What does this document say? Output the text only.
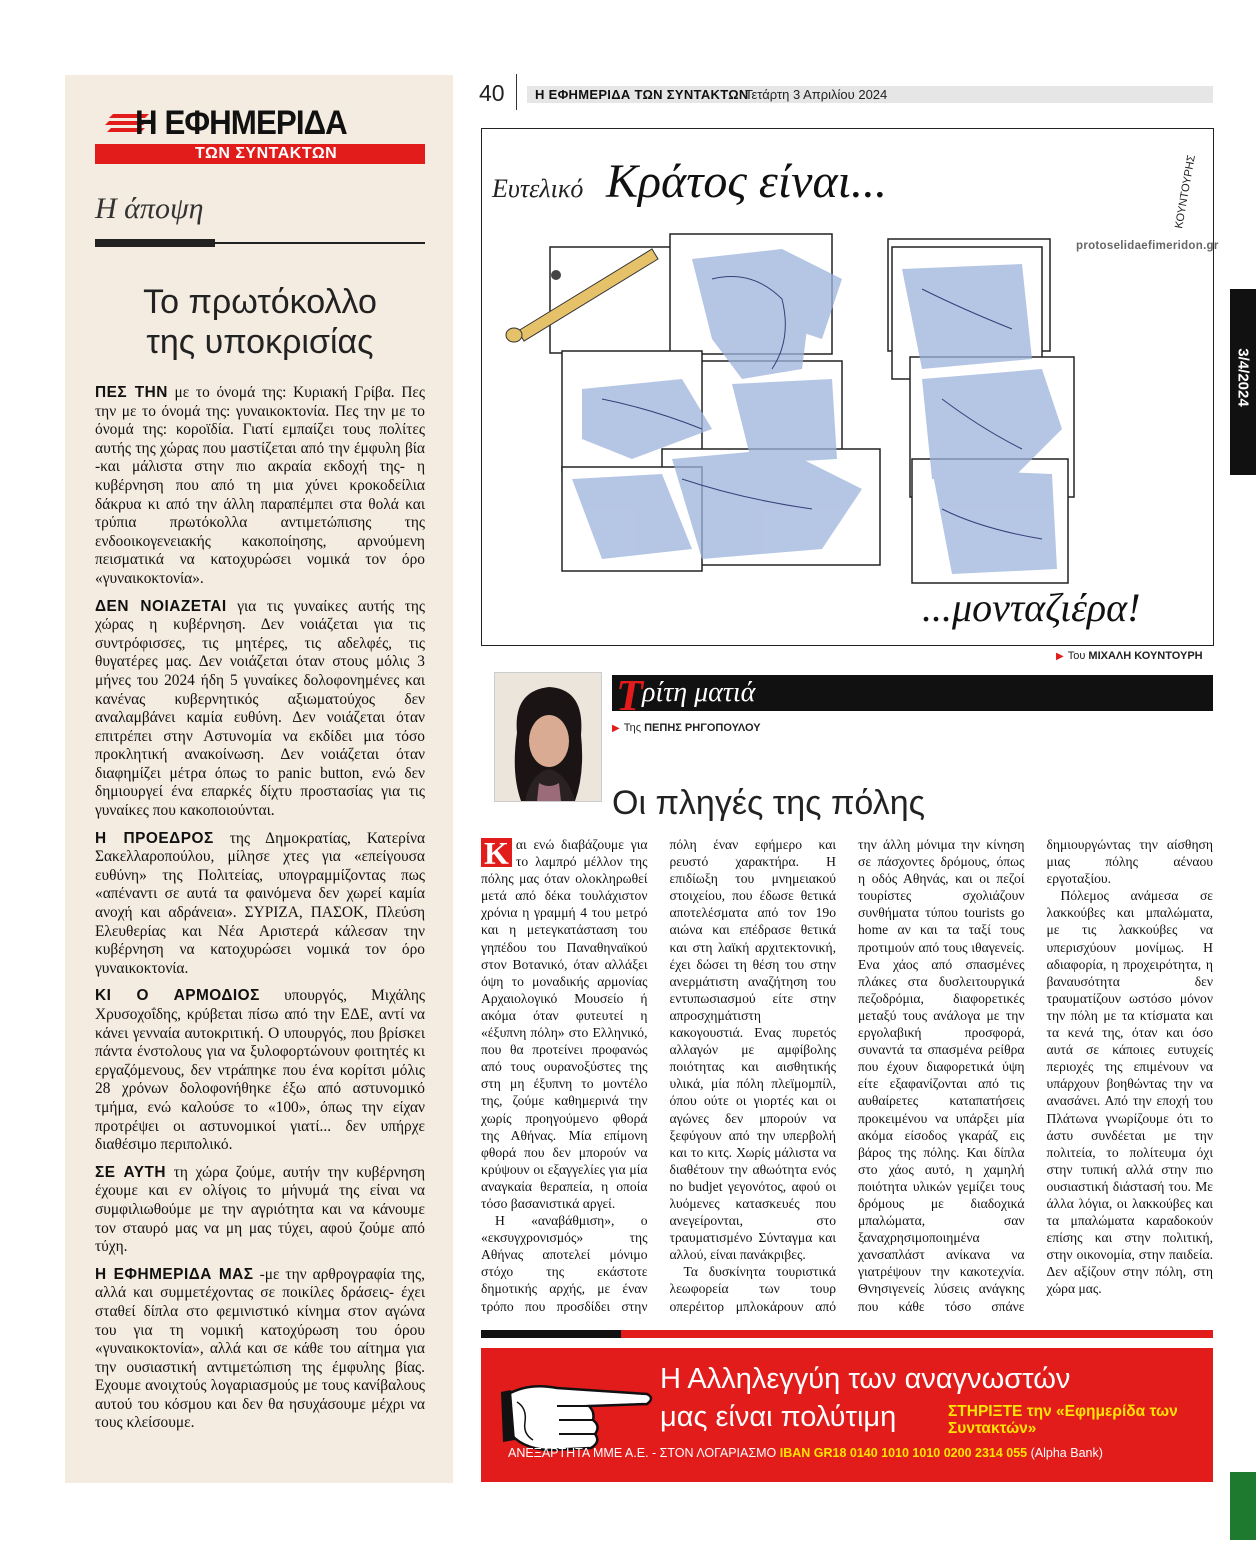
Η ΕΦΗΜΕΡΙΔΑ
ΤΩΝ ΣΥΝΤΑΚΤΩΝ
Η άποψη
Το πρωτόκολλο
της υποκρισίας

ΠΕΣ ΤΗΝ με το όνομά της: Κυριακή Γρίβα. Πες την με το όνομά της: γυναικοκτονία. Πες την με το όνομά της: κοροϊδία. Γιατί εμπαίζει τους πολίτες αυτής της χώρας που μαστίζεται από την έμφυλη βία -και μάλιστα στην πιο ακραία εκδοχή της- η κυβέρνηση που από τη μια χύνει κροκοδείλια δάκρυα κι από την άλλη παραπέμπει στα θολά και τρύπια πρωτόκολλα αντιμετώπισης της ενδοοικογενειακής κακοποίησης, αρνούμενη πεισματικά να κατοχυρώσει νομικά τον όρο «γυναικοκτονία».

ΔΕΝ ΝΟΙΑΖΕΤΑΙ για τις γυναίκες αυτής της χώρας η κυβέρνηση. Δεν νοιάζεται για τις συντρόφισσες, τις μητέρες, τις αδελφές, τις θυγατέρες μας. Δεν νοιάζεται όταν στους μόλις 3 μήνες του 2024 ήδη 5 γυναίκες δολοφονημένες και κανένας κυβερνητικός αξιωματούχος δεν αναλαμβάνει καμία ευθύνη. Δεν νοιάζεται όταν επιτρέπει στην Αστυνομία να εκδίδει μια τόσο προκλητική ανακοίνωση. Δεν νοιάζεται όταν διαφημίζει μέτρα όπως το panic button, ενώ δεν δημιουργεί ένα επαρκές δίχτυ προστασίας για τις γυναίκες που κακοποιούνται.

Η ΠΡΟΕΔΡΟΣ της Δημοκρατίας, Κατερίνα Σακελλαροπούλου, μίλησε χτες για «επείγουσα ευθύνη» της Πολιτείας, υπογραμμίζοντας πως «απέναντι σε αυτά τα φαινόμενα δεν χωρεί καμία ανοχή και αδράνεια». ΣΥΡΙΖΑ, ΠΑΣΟΚ, Πλεύση Ελευθερίας και Νέα Αριστερά κάλεσαν την κυβέρνηση να κατοχυρώσει νομικά τον όρο γυναικοκτονία.

ΚΙ Ο ΑΡΜΟΔΙΟΣ υπουργός, Μιχάλης Χρυσοχοΐδης, κρύβεται πίσω από την ΕΔΕ, αντί να κάνει γενναία αυτοκριτική. Ο υπουργός, που βρίσκει πάντα ένστολους για να ξυλοφορτώνουν φοιτητές κι εργαζόμενους, δεν ντράπηκε που ένα κορίτσι μόλις 28 χρόνων δολοφονήθηκε έξω από αστυνομικό τμήμα, ενώ καλούσε το «100», όπως την είχαν προτρέψει οι αστυνομικοί γιατί... δεν υπήρχε διαθέσιμο περιπολικό.

ΣΕ ΑΥΤΗ τη χώρα ζούμε, αυτήν την κυβέρνηση έχουμε και εν ολίγοις το μήνυμά της είναι να συμφιλιωθούμε με την αγριότητα και να κάνουμε τον σταυρό μας να μη μας τύχει, αφού ζούμε από τύχη.

Η ΕΦΗΜΕΡΙΔΑ ΜΑΣ -με την αρθρογραφία της, αλλά και συμμετέχοντας σε ποικίλες δράσεις- έχει σταθεί δίπλα στο φεμινιστικό κίνημα στον αγώνα του για τη νομική κατοχύρωση του όρου «γυναικοκτονία», αλλά και σε κάθε του αίτημα για την ουσιαστική αντιμετώπιση της έμφυλης βίας. Εχουμε ανοιχτούς λογαριασμούς με τους κανίβαλους αυτού του κόσμου και δεν θα ησυχάσουμε μέχρι να τους κλείσουμε.

40 Η ΕΦΗΜΕΡΙΔΑ ΤΩΝ ΣΥΝΤΑΚΤΩΝ
Τετάρτη 3 Απριλίου 2024
Ευτελικό Κράτος είναι...
...μονταζιέρα!
ΚΟΥΝΤΟΥΡΗΣ
protoselidaefimeridon.gr
▶ Του ΜΙΧΑΛΗ ΚΟΥΝΤΟΥΡΗ
3/4/2024
Τ ρίτη ματιά
▶ Της ΠΕΠΗΣ ΡΗΓΟΠΟΥΛΟΥ
Οι πληγές της πόλης

Κ αι ενώ διαβάζουμε για το λαμπρό μέλλον της πόλης μας όταν ολοκληρωθεί μετά από δέκα τουλάχιστον χρόνια η γραμμή 4 του μετρό και η μετεγκατάσταση του γηπέδου του Παναθηναϊκού στον Βοτανικό, όταν αλλάξει όψη το μοναδικής αρμονίας Αρχαιολογικό Μουσείο ή ακόμα όταν φυτευτεί η «έξυπνη πόλη» στο Ελληνικό, που θα προτείνει προφανώς από τους ουρανοξύστες της στη μη έξυπνη το μοντέλο της, ζούμε καθημερινά την χωρίς προηγούμενο φθορά της Αθήνας. Μία επίμονη φθορά που δεν μπορούν να κρύψουν οι εξαγγελίες για μία αναγκαία θεραπεία, η οποία τόσο βασανιστικά αργεί.

Η «αναβάθμιση», ο «εκσυγχρονισμός» της Αθήνας αποτελεί μόνιμο στόχο της εκάστοτε δημοτικής αρχής, με έναν τρόπο που προσδίδει στην πόλη έναν εφήμερο και ρευστό χαρακτήρα. Η επιδίωξη του μνημειακού στοιχείου, που έδωσε θετικά αποτελέσματα από τον 19ο αιώνα και επέδρασε θετικά και στη λαϊκή αρχιτεκτονική, έχει δώσει τη θέση του στην ανερμάτιστη αναζήτηση του εντυπωσιασμού είτε στην απροσχημάτιστη κακογουστιά. Ενας πυρετός αλλαγών με αμφίβολης ποιότητας και αισθητικής υλικά, μία πόλη πλεϊμομπίλ, όπου ούτε οι γιορτές και οι αγώνες δεν μπορούν να ξεφύγουν από την υπερβολή και το κιτς. Χωρίς μάλιστα να διαθέτουν την αθωότητα ενός no budjet γεγονότος, αφού οι λυόμενες κατασκευές που ανεγείρονται, στο τραυματισμένο Σύνταγμα και αλλού, είναι πανάκριβες.

Τα δυσκίνητα τουριστικά λεωφορεία των τουρ οπερέιτορ μπλοκάρουν από την άλλη μόνιμα την κίνηση σε πάσχοντες δρόμους, όπως η οδός Αθηνάς, και οι πεζοί τουρίστες σχολιάζουν συνθήματα τύπου tourists go home αν και τα ταξί τους προτιμούν από τους ιθαγενείς. Ενα χάος από σπασμένες πλάκες στα δυσλειτουργικά πεζοδρόμια, διαφορετικές μεταξύ τους ανάλογα με την εργολαβική προσφορά, συναντά τα σπασμένα ρείθρα που έχουν διαφορετικά ύψη είτε εξαφανίζονται από τις αυθαίρετες καταπατήσεις προκειμένου να υπάρξει μία ακόμα είσοδος γκαράζ εις βάρος της πόλης. Και δίπλα στο χάος αυτό, η χαμηλή ποιότητα υλικών γεμίζει τους δρόμους με διαδοχικά μπαλώματα, σαν ξαναχρησιμοποιημένα χανσαπλάστ ανίκανα να γιατρέψουν την κακοτεχνία. Θνησιγενείς λύσεις ανάγκης που κάθε τόσο σπάνε δημιουργώντας την αίσθηση μιας πόλης αέναου εργοταξίου.

Πόλεμος ανάμεσα σε λακκούβες και μπαλώματα, με τις λακκούβες να υπερισχύουν μονίμως. Η αδιαφορία, η προχειρότητα, η βαναυσότητα δεν τραυματίζουν ωστόσο μόνον την πόλη με τα κτίσματα και τα κενά της, όταν και όσο αυτά σε κάποιες ευτυχείς περιοχές της επιμένουν να υπάρχουν βοηθώντας την να ανασάνει. Από την εποχή του Πλάτωνα γνωρίζουμε ότι το άστυ συνδέεται με την πολιτεία, το πολίτευμα όχι στην τυπική αλλά στην πιο ουσιαστική διάστασή του. Με άλλα λόγια, οι λακκούβες και τα μπαλώματα καραδοκούν επίσης και στην πολιτική, στην οικονομία, στην παιδεία. Δεν αξίζουν στην πόλη, στη χώρα μας.

Η Αλληλεγγύη των αναγνωστών
μας είναι πολύτιμη	ΣΤΗΡΙΞΤΕ την «Εφημερίδα των Συντακτών»
ΑΝΕΞΑΡΤΗΤΑ ΜΜΕ Α.Ε. - ΣΤΟΝ ΛΟΓΑΡΙΑΣΜΟ IBAN GR18 0140 1010 1010 0200 2314 055 (Alpha Bank)
